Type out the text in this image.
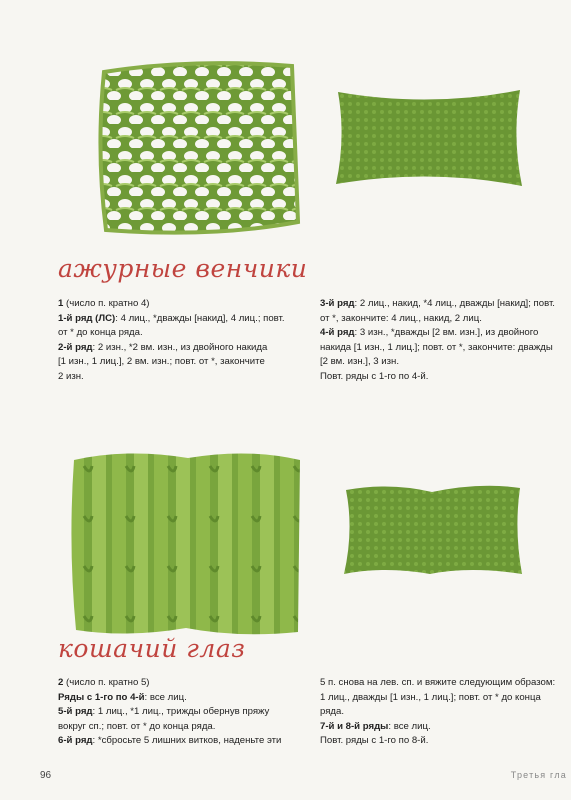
ажурные венчики

1 (число п. кратно 4)

1-й ряд (ЛС): 4 лиц., *дважды [накид], 4 лиц.; повт.

от * до конца ряда.

2-й ряд: 2 изн., *2 вм. изн., из двойного накида

[1 изн., 1 лиц.], 2 вм. изн.; повт. от *, закончите

2 изн.

3-й ряд: 2 лиц., накид, *4 лиц., дважды [накид]; повт.

от *, закончите: 4 лиц., накид, 2 лиц.

4-й ряд: 3 изн., *дважды [2 вм. изн.], из двойного

накида [1 изн., 1 лиц.]; повт. от *, закончите: дважды

[2 вм. изн.], 3 изн.

Повт. ряды с 1-го по 4-й.

кошачий глаз

2 (число п. кратно 5)

Ряды с 1-го по 4-й: все лиц.

5-й ряд: 1 лиц., *1 лиц., трижды обернув пряжу

вокруг сп.; повт. от * до конца ряда.

6-й ряд: *сбросьте 5 лишних витков, наденьте эти

5 п. снова на лев. сп. и вяжите следующим образом:

1 лиц., дважды [1 изн., 1 лиц.]; повт. от * до конца

ряда.

7-й и 8-й ряды: все лиц.

Повт. ряды с 1-го по 8-й.

96	Третья гла
